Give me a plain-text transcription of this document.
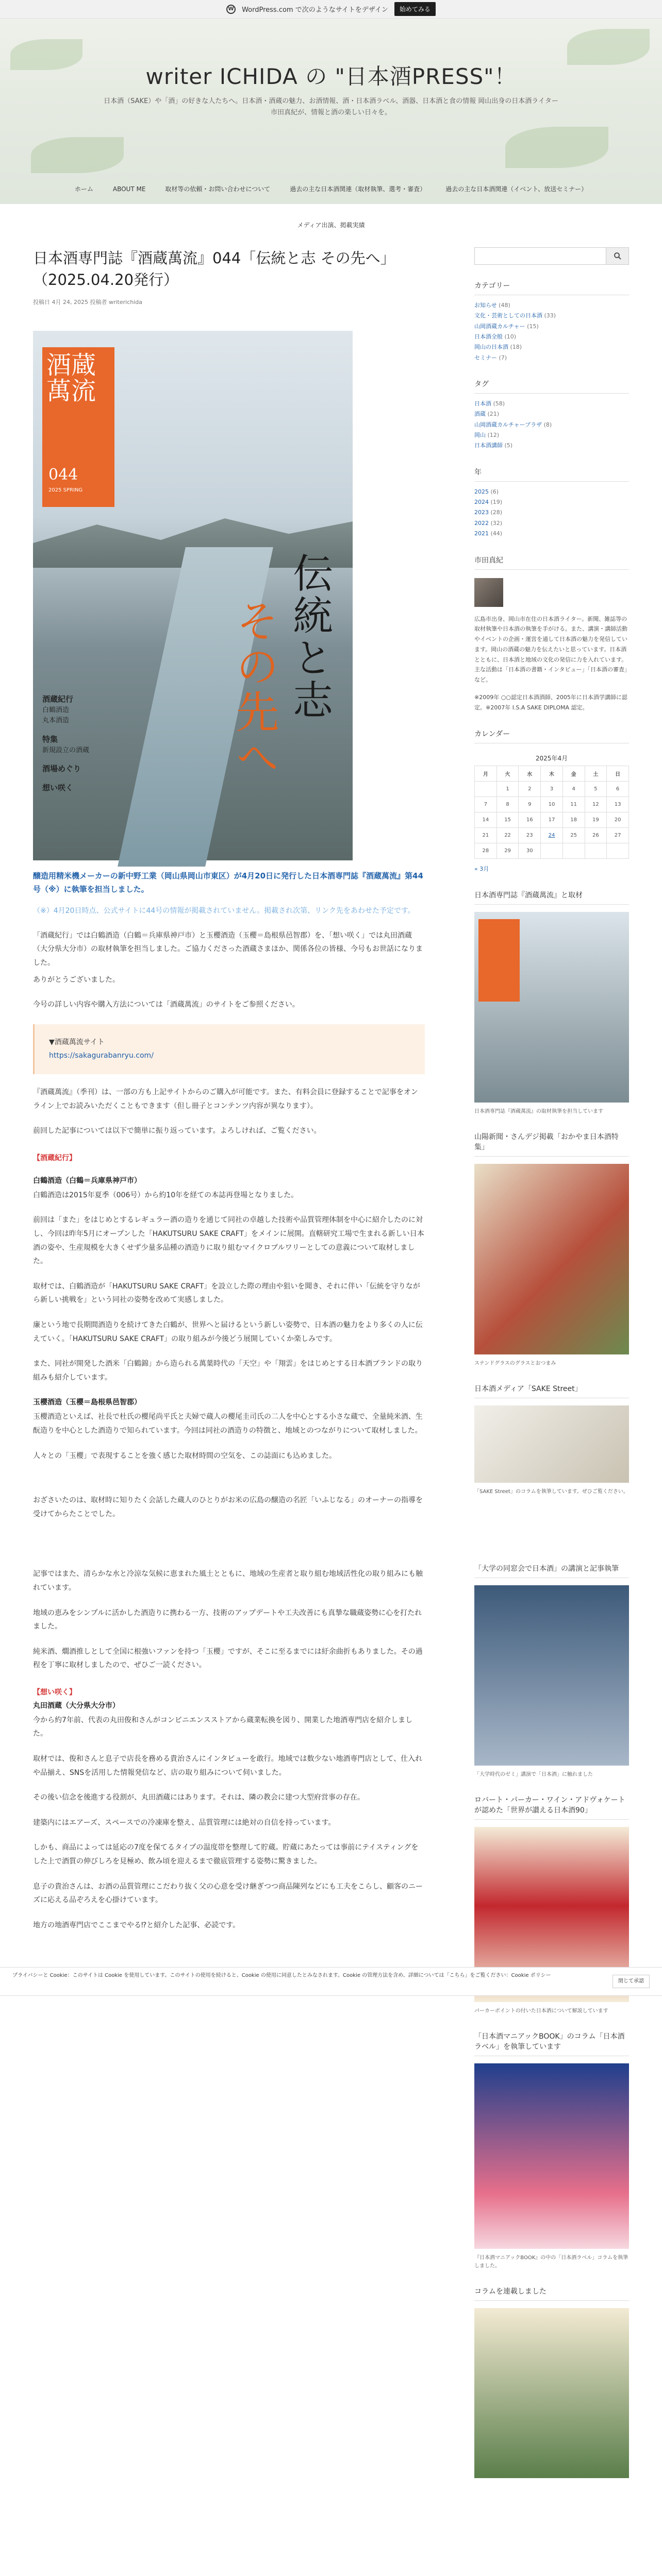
W WordPress.com で次のようなサイトをデザイン	始めてみる
writer ICHIDA の "日本酒PRESS"！
日本酒（SAKE）や「酒」の好きな人たちへ。日本酒・酒蔵の魅力、お酒情報、酒・日本酒ラベル、酒器、日本酒と食の情報 岡山出身の日本酒ライター市田真紀が、情報と酒の楽しい日々を。
ホーム	ABOUT ME	取材等の依頼・お問い合わせについて	過去の主な日本酒関連（取材執筆、選考・審査）	過去の主な日本酒関連（イベント、放送セミナー）
メディア出演、掲載実績
日本酒専門誌『酒蔵萬流』044「伝統と志 その先へ」（2025.04.20発行）
投稿日 4月 24, 2025 投稿者 writerichida
酒蔵
萬流
044
2025 SPRING
伝統と志
その先へ
酒蔵紀行
白鶴酒造
丸本酒造
特集
新規設立の酒蔵
酒場めぐり
想い咲く
醸造用精米機メーカーの新中野工業（岡山県岡山市東区）が4月20日に発行した日本酒専門誌『酒蔵萬流』第44号（※）に執筆を担当しました。
（※）4月20日時点、公式サイトに44号の情報が掲載されていません。掲載され次第、リンク先をあわせた予定です。

「酒蔵紀行」では白鶴酒造（白鶴＝兵庫県神戸市）と玉櫻酒造（玉櫻＝島根県邑智郡）を、「想い咲く」では丸田酒蔵（大分県大分市）の取材執筆を担当しました。ご協力くださった酒蔵さまほか、関係各位の皆様、今号もお世話になりました。

ありがとうございました。

今号の詳しい内容や購入方法については「酒蔵萬流」のサイトをご参照ください。

▼酒蔵萬流サイト
https://sakagurabanryu.com/

『酒蔵萬流』（季刊）は、一部の方も上記サイトからのご購入が可能です。また、有料会員に登録することで記事をオンライン上でお読みいただくこともできます（但し冊子とコンテンツ内容が異なります）。

前回した記事については以下で簡単に振り返っています。よろしければ、ご覧ください。

【酒蔵紀行】
白鶴酒造（白鶴＝兵庫県神戸市）

白鶴酒造は2015年夏季（006号）から約10年を経ての本誌再登場となりました。

前回は「また」をはじめとするレギュラー酒の造りを通じて同社の卓越した技術や品質管理体制を中心に紹介したのに対し、今回は昨年5月にオープンした「HAKUTSURU SAKE CRAFT」をメインに展開。直轄研究工場で生まれる新しい日本酒の姿や、生産規模を大きくせず少量多品種の酒造りに取り組むマイクロブルワリーとしての意義について取材しました。

取材では、白鶴酒造が「HAKUTSURU SAKE CRAFT」を設立した際の理由や狙いを聞き、それに伴い「伝統を守りながら新しい挑戦を」という同社の姿勢を改めて実感しました。

廉という地で長期間酒造りを続けてきた白鶴が、世界へと届けるという新しい姿勢で、日本酒の魅力をより多くの人に伝えていく。「HAKUTSURU SAKE CRAFT」の取り組みが今後どう展開していくか楽しみです。

また、同社が開発した酒米「白鶴錦」から造られる萬葉時代の「天空」や「翔雲」をはじめとする日本酒ブランドの取り組みも紹介しています。

玉櫻酒造（玉櫻＝島根県邑智郡）

玉櫻酒造といえば、社長で杜氏の櫻尾尚平氏と夫婦で蔵人の櫻尾圭司氏の二人を中心とする小さな蔵で、全量純米酒、生酛造りを中心とした酒造りで知られています。今回は同社の酒造りの特徴と、地域とのつながりについて取材しました。

人々との「玉櫻」で表現することを強く感じた取材時間の空気を、この誌面にも込めました。

おざさいたのは、取材時に知りたく会話した蔵人のひとりがお米の広島の醸造の名匠「いふじなる」のオーナーの指導を受けてからたことでした。

記事ではまた、清らかな水と冷涼な気候に恵まれた風土とともに、地域の生産者と取り組む地域活性化の取り組みにも触れています。

地域の恵みをシンプルに活かした酒造りに携わる一方、技術のアップデートや工夫改善にも真摯な職蔵姿勢に心を打たれました。

純米酒、燗酒推しとして全国に根強いファンを持つ「玉櫻」ですが、そこに至るまでには紆余曲折もありました。その過程を丁寧に取材しましたので、ぜひご一読ください。

【想い咲く】
丸田酒蔵（大分県大分市）

今から約7年前、代表の丸田俊和さんがコンビニエンスストアから蔵業転換を図り、開業した地酒専門店を紹介しました。

取材では、俊和さんと息子で店長を務める貴治さんにインタビューを敢行。地域では数少ない地酒専門店として、仕入れや品揃え、SNSを活用した情報発信など、店の取り組みについて伺いました。

その後い信念を後進する役割が、丸田酒蔵にはあります。それは、隣の教会に建つ大型府営事の存在。

建築内にはエアーズ、スペースでの冷凍庫を整え、品質管理には絶対の自信を持っています。

しかも、商品によっては延応の7度を保てるタイプの温度帯を整理して貯蔵。貯蔵にあたっては事前にテイスティングをした上で酒質の伸びしろを見極め、飲み頃を迎えるまで徹底管理する姿勢に驚きました。

息子の貴治さんは、お酒の品質管理にこだわり抜く父の心意を受け継ぎつつ商品陳列などにも工夫をこらし、顧客のニーズに応える品ぞろえを心掛けています。

地方の地酒専門店でここまでやる⁉︎と紹介した記事、必読です。

カテゴリー
お知らせ (48)
文化・芸術としての日本酒 (33)
山岡酒蔵カルチャー (15)
日本酒全般 (10)
岡山の日本酒 (18)
セミナー (7)
タグ
日本酒 (58)
酒蔵 (21)
山岡酒蔵カルチャープラザ (8)
岡山 (12)
日本酒講師 (5)
年
2025 (6)
2024 (19)
2023 (28)
2022 (32)
2021 (44)
市田真紀
広島市出身、岡山市在住の日本酒ライター。新聞、雑誌等の取材執筆や日本酒の執筆を手がける。また、講演・講師活動やイベントの企画・運営を通して日本酒の魅力を発信しています。岡山の酒蔵の魅力を伝えたいと思っています。日本酒とともに、日本酒と地域の文化の発信に力を入れています。主な活動は「日本酒の書籍・インタビュー」「日本酒の審査」など。
※2009年 ○○認定日本酒酒師、2005年に日本酒学講師に認定。※2007年 I.S.A SAKE DIPLOMA 認定。
カレンダー
2025年4月
月	火	水	木	金	土	日
	1	2	3	4	5	6
7	8	9	10	11	12	13
14	15	16	17	18	19	20
21	22	23	24	25	26	27
28	29	30				
« 3月
日本酒専門誌『酒蔵萬流』と取材
日本酒専門誌『酒蔵萬流』の取材執筆を担当しています
山陽新聞・さんデジ掲載「おかやま日本酒特集」
ステンドグラスのグラスとおつまみ
日本酒メディア「SAKE Street」
「SAKE Street」のコラムを執筆しています。ぜひご覧ください。
「大学の同窓会で日本酒」の講演と記事執筆
「大学時代のゼミ」講演で「日本酒」に触れました
ロバート・パーカー・ワイン・アドヴォケートが認めた「世界が讃える日本酒90」
パーカーポイントの付いた日本酒について解説しています
「日本酒マニアックBOOK」のコラム「日本酒ラベル」を執筆しています
『日本酒マニアックBOOK』の中の「日本酒ラベル」コラムを執筆しました。
コラムを連載しました
プライバシーと Cookie：このサイトは Cookie を使用しています。このサイトの使用を続けると、Cookie の使用に同意したとみなされます。Cookie の管理方法を含め、詳細については「こちら」をご覧ください：Cookie ポリシー
閉じて承認
